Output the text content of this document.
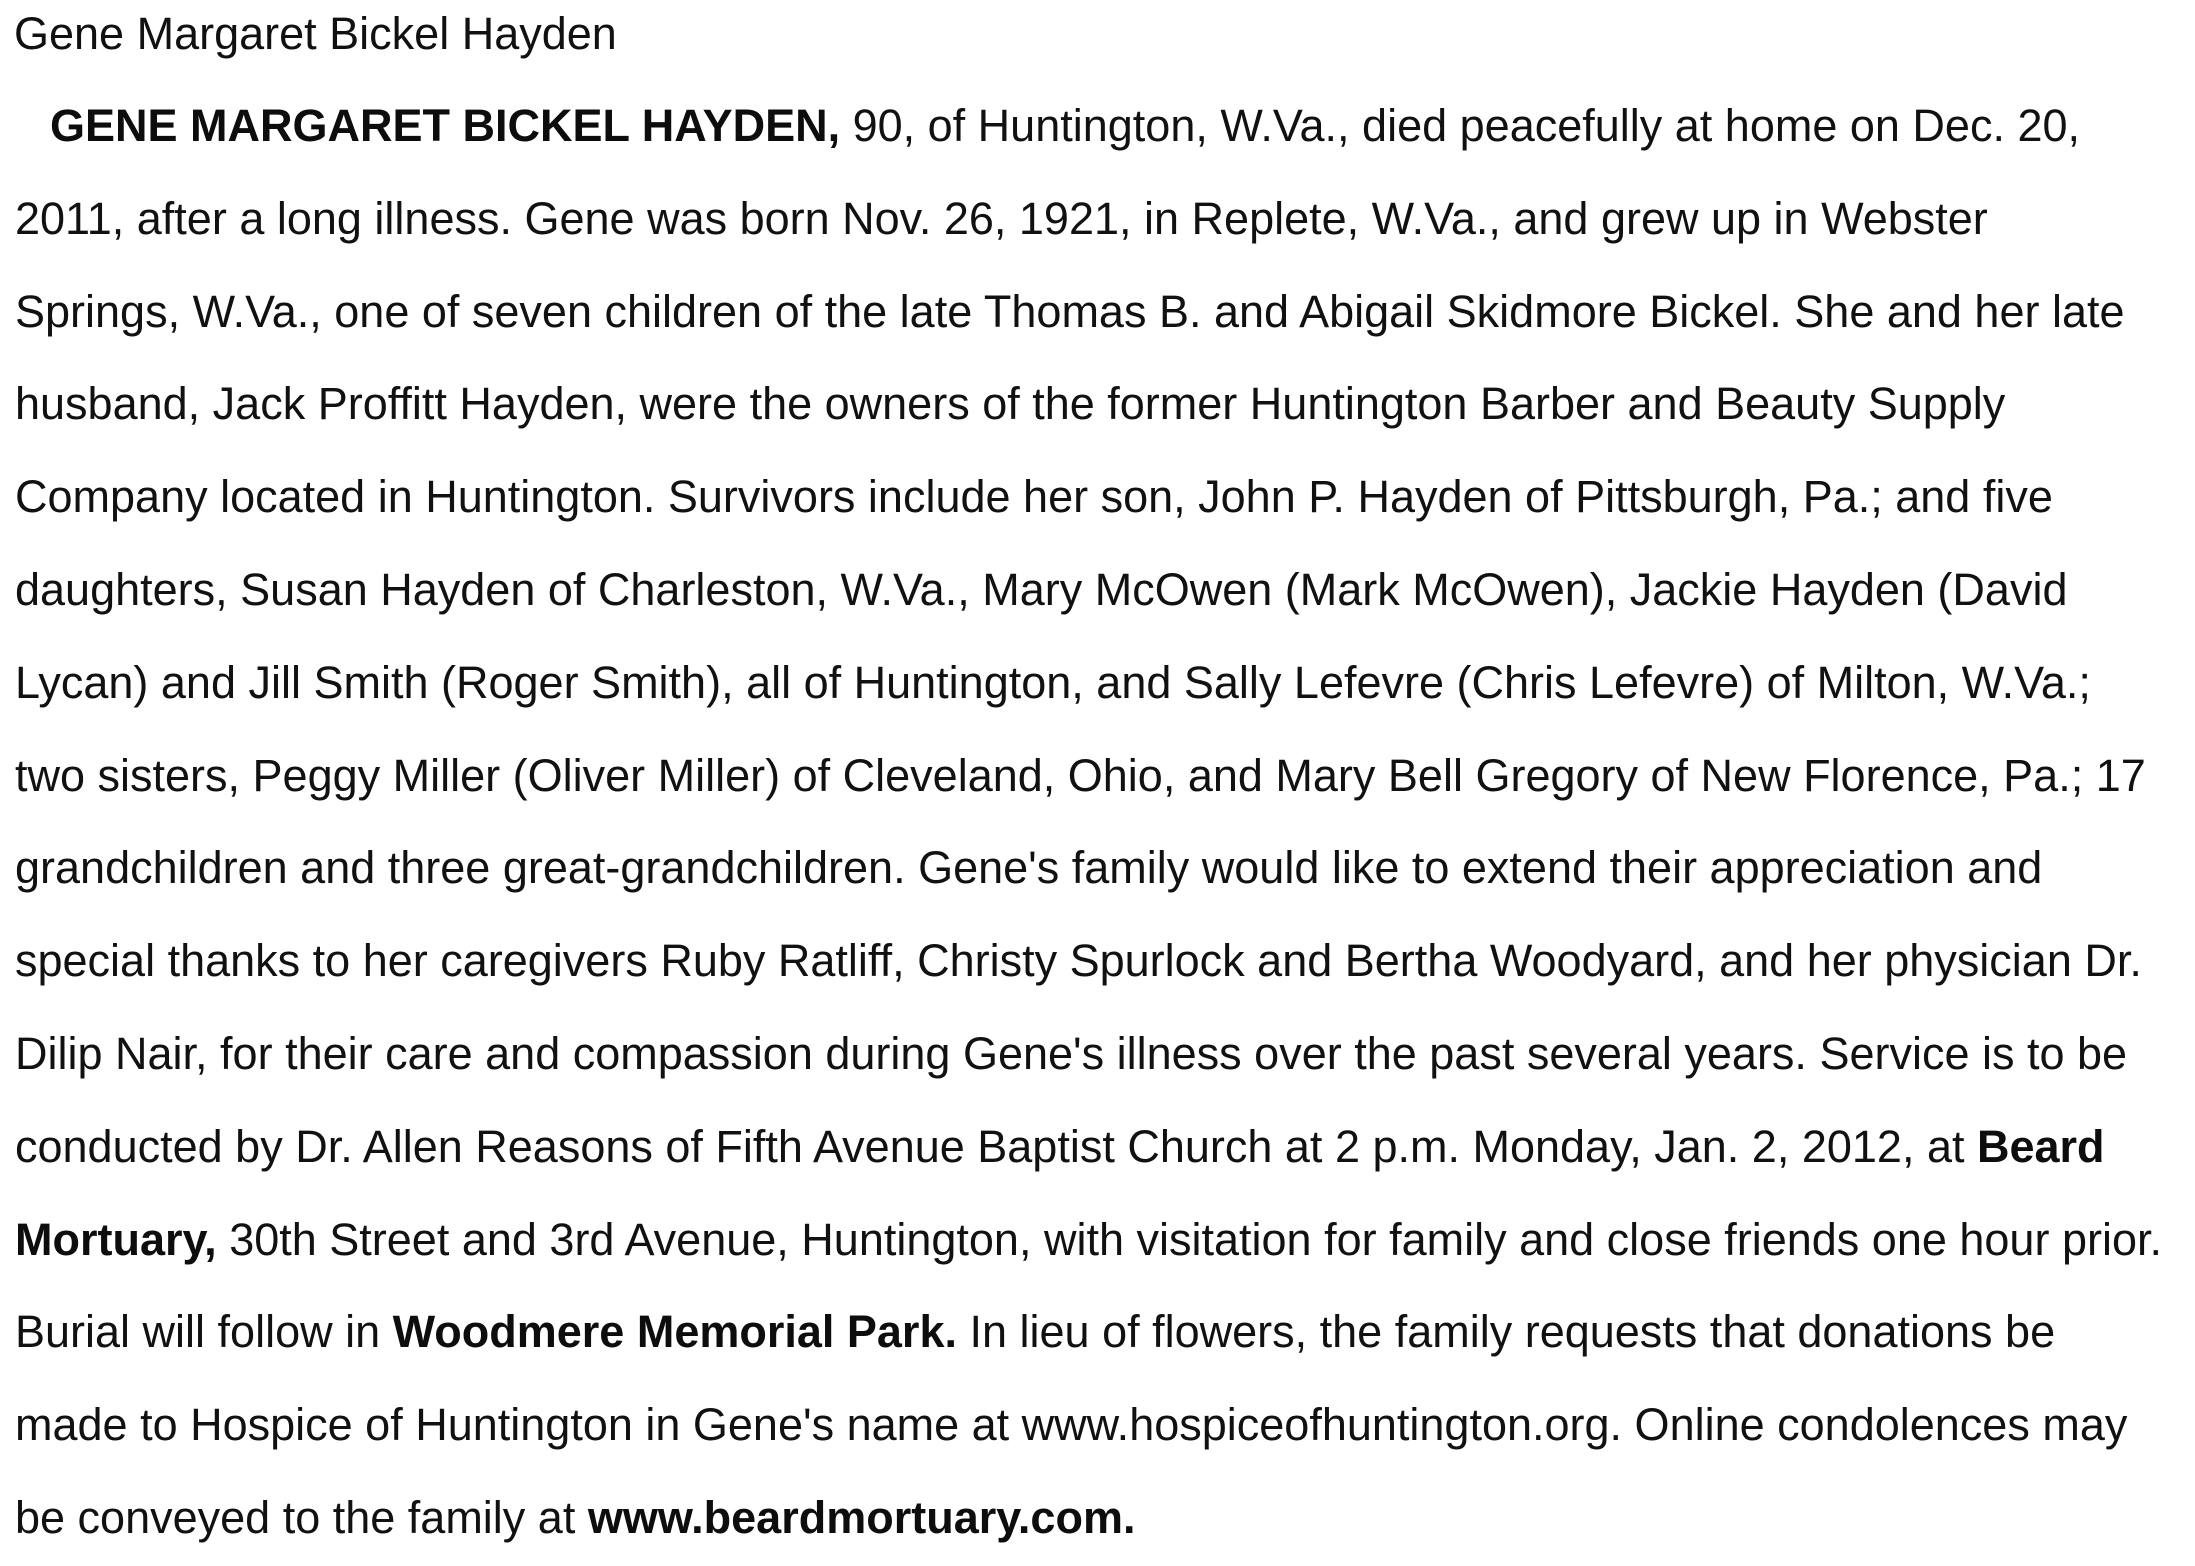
Gene Margaret Bickel Hayden
GENE MARGARET BICKEL HAYDEN, 90, of Huntington, W.Va., died peacefully at home on Dec. 20,
2011, after a long illness. Gene was born Nov. 26, 1921, in Replete, W.Va., and grew up in Webster
Springs, W.Va., one of seven children of the late Thomas B. and Abigail Skidmore Bickel. She and her late
husband, Jack Proffitt Hayden, were the owners of the former Huntington Barber and Beauty Supply
Company located in Huntington. Survivors include her son, John P. Hayden of Pittsburgh, Pa.; and five
daughters, Susan Hayden of Charleston, W.Va., Mary McOwen (Mark McOwen), Jackie Hayden (David
Lycan) and Jill Smith (Roger Smith), all of Huntington, and Sally Lefevre (Chris Lefevre) of Milton, W.Va.;
two sisters, Peggy Miller (Oliver Miller) of Cleveland, Ohio, and Mary Bell Gregory of New Florence, Pa.; 17
grandchildren and three great-grandchildren. Gene's family would like to extend their appreciation and
special thanks to her caregivers Ruby Ratliff, Christy Spurlock and Bertha Woodyard, and her physician Dr.
Dilip Nair, for their care and compassion during Gene's illness over the past several years. Service is to be
conducted by Dr. Allen Reasons of Fifth Avenue Baptist Church at 2 p.m. Monday, Jan. 2, 2012, at Beard
Mortuary, 30th Street and 3rd Avenue, Huntington, with visitation for family and close friends one hour prior.
Burial will follow in Woodmere Memorial Park. In lieu of flowers, the family requests that donations be
made to Hospice of Huntington in Gene's name at www.hospiceofhuntington.org. Online condolences may
be conveyed to the family at www.beardmortuary.com.
